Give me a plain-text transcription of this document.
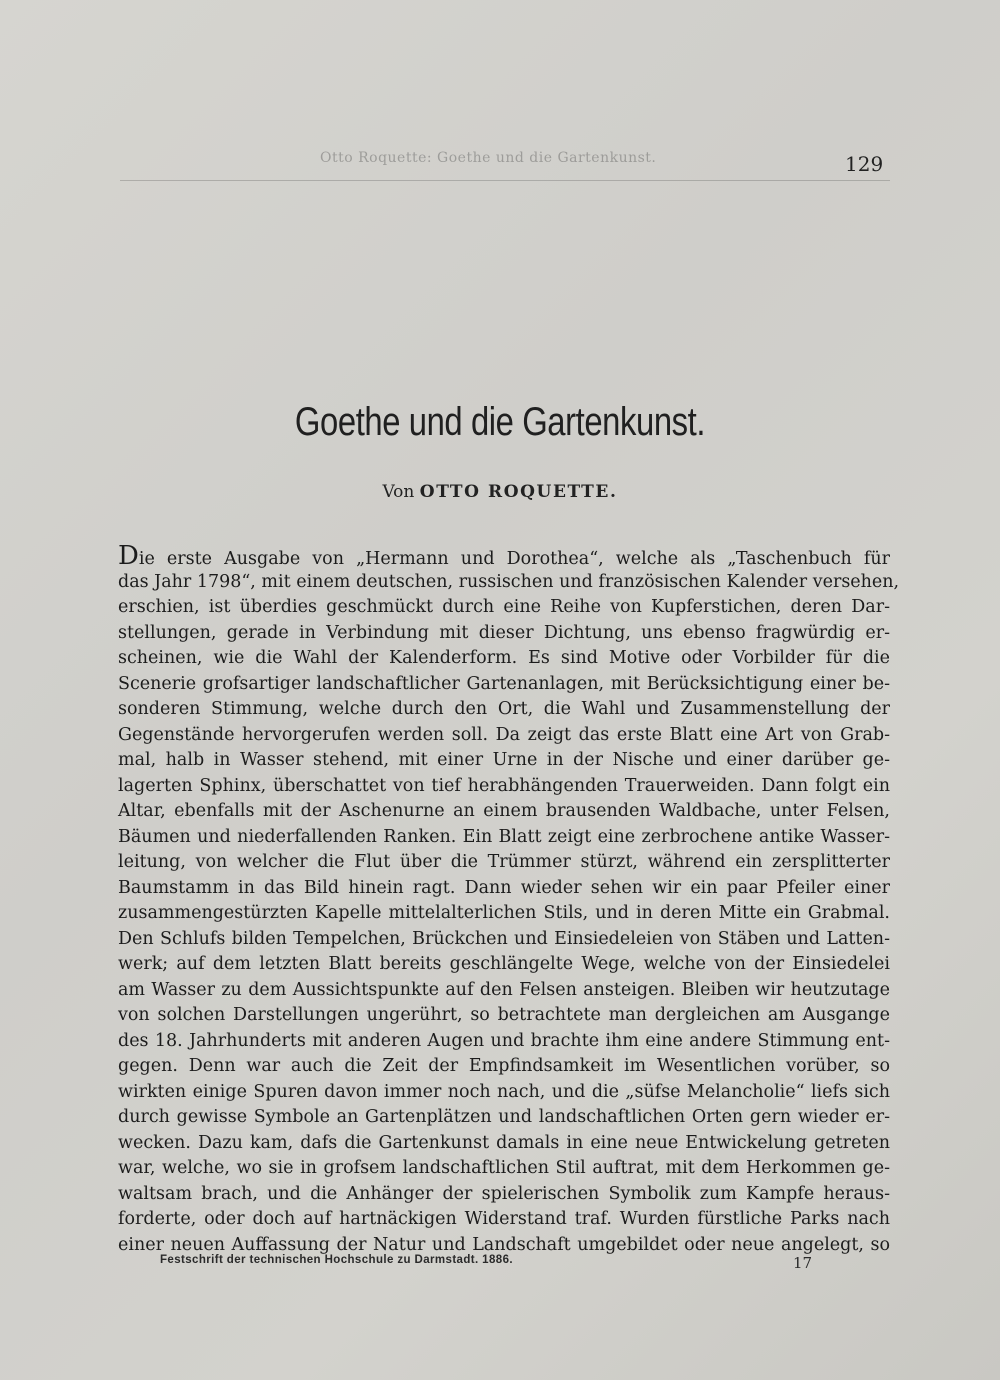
Otto Roquette: Goethe und die Gartenkunst.	129
Goethe und die Gartenkunst.
Von OTTO ROQUETTE.
Die erste Ausgabe von „Hermann und Dorothea“, welche als „Taschenbuch für
das Jahr 1798“, mit einem deutschen, russischen und französischen Kalender versehen,
erschien, ist überdies geschmückt durch eine Reihe von Kupferstichen, deren Dar-
stellungen, gerade in Verbindung mit dieser Dichtung, uns ebenso fragwürdig er-
scheinen, wie die Wahl der Kalenderform. Es sind Motive oder Vorbilder für die
Scenerie grofsartiger landschaftlicher Gartenanlagen, mit Berücksichtigung einer be-
sonderen Stimmung, welche durch den Ort, die Wahl und Zusammenstellung der
Gegenstände hervorgerufen werden soll. Da zeigt das erste Blatt eine Art von Grab-
mal, halb in Wasser stehend, mit einer Urne in der Nische und einer darüber ge-
lagerten Sphinx, überschattet von tief herabhängenden Trauerweiden. Dann folgt ein
Altar, ebenfalls mit der Aschenurne an einem brausenden Waldbache, unter Felsen,
Bäumen und niederfallenden Ranken. Ein Blatt zeigt eine zerbrochene antike Wasser-
leitung, von welcher die Flut über die Trümmer stürzt, während ein zersplitterter
Baumstamm in das Bild hinein ragt. Dann wieder sehen wir ein paar Pfeiler einer
zusammengestürzten Kapelle mittelalterlichen Stils, und in deren Mitte ein Grabmal.
Den Schlufs bilden Tempelchen, Brückchen und Einsiedeleien von Stäben und Latten-
werk; auf dem letzten Blatt bereits geschlängelte Wege, welche von der Einsiedelei
am Wasser zu dem Aussichtspunkte auf den Felsen ansteigen. Bleiben wir heutzutage
von solchen Darstellungen ungerührt, so betrachtete man dergleichen am Ausgange
des 18. Jahrhunderts mit anderen Augen und brachte ihm eine andere Stimmung ent-
gegen. Denn war auch die Zeit der Empfindsamkeit im Wesentlichen vorüber, so
wirkten einige Spuren davon immer noch nach, und die „süfse Melancholie“ liefs sich
durch gewisse Symbole an Gartenplätzen und landschaftlichen Orten gern wieder er-
wecken. Dazu kam, dafs die Gartenkunst damals in eine neue Entwickelung getreten
war, welche, wo sie in grofsem landschaftlichen Stil auftrat, mit dem Herkommen ge-
waltsam brach, und die Anhänger der spielerischen Symbolik zum Kampfe heraus-
forderte, oder doch auf hartnäckigen Widerstand traf. Wurden fürstliche Parks nach
einer neuen Auffassung der Natur und Landschaft umgebildet oder neue angelegt, so
Festschrift der technischen Hochschule zu Darmstadt. 1886.	17
